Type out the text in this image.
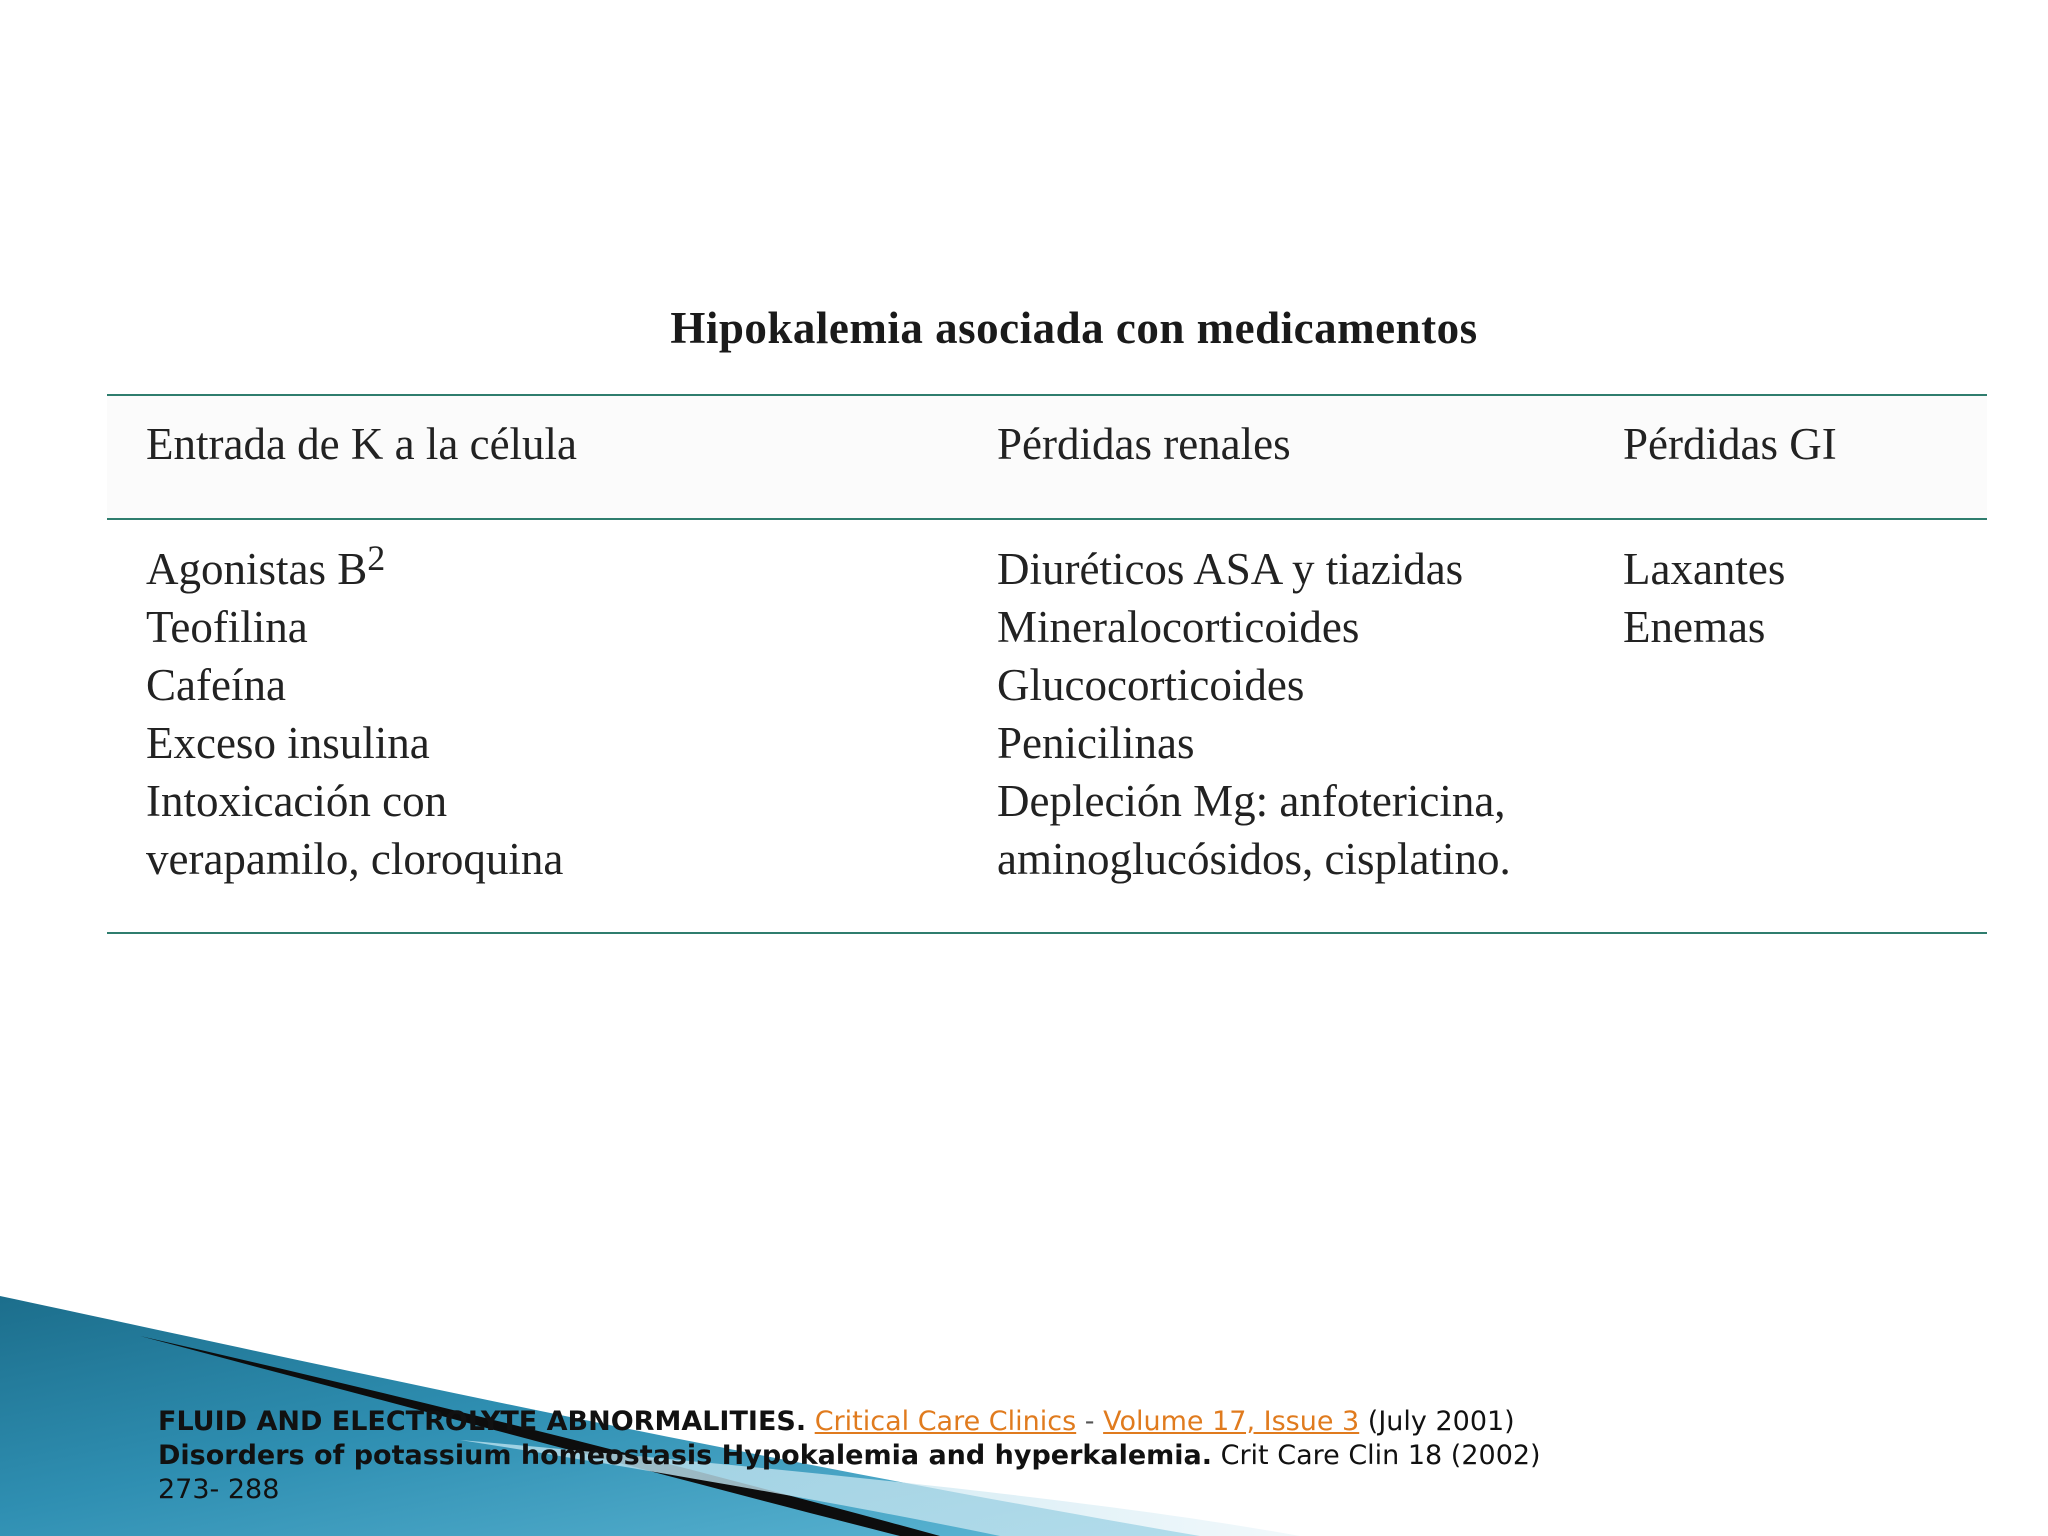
Hipokalemia asociada con medicamentos
Entrada de K a la célula	Pérdidas renales	Pérdidas GI
Agonistas $B^2$
Teofilina
Cafeína
Exceso insulina
Intoxicación con
verapamilo, cloroquina
Diuréticos ASA y tiazidas
Mineralocorticoides
Glucocorticoides
Penicilinas
Depleción Mg: anfotericina,
aminoglucósidos, cisplatino.
Laxantes
Enemas
FLUID AND ELECTROLYTE ABNORMALITIES. Critical Care Clinics - Volume 17, Issue 3 (July 2001)
Disorders of potassium homeostasis Hypokalemia and hyperkalemia. Crit Care Clin 18 (2002)
273- 288
